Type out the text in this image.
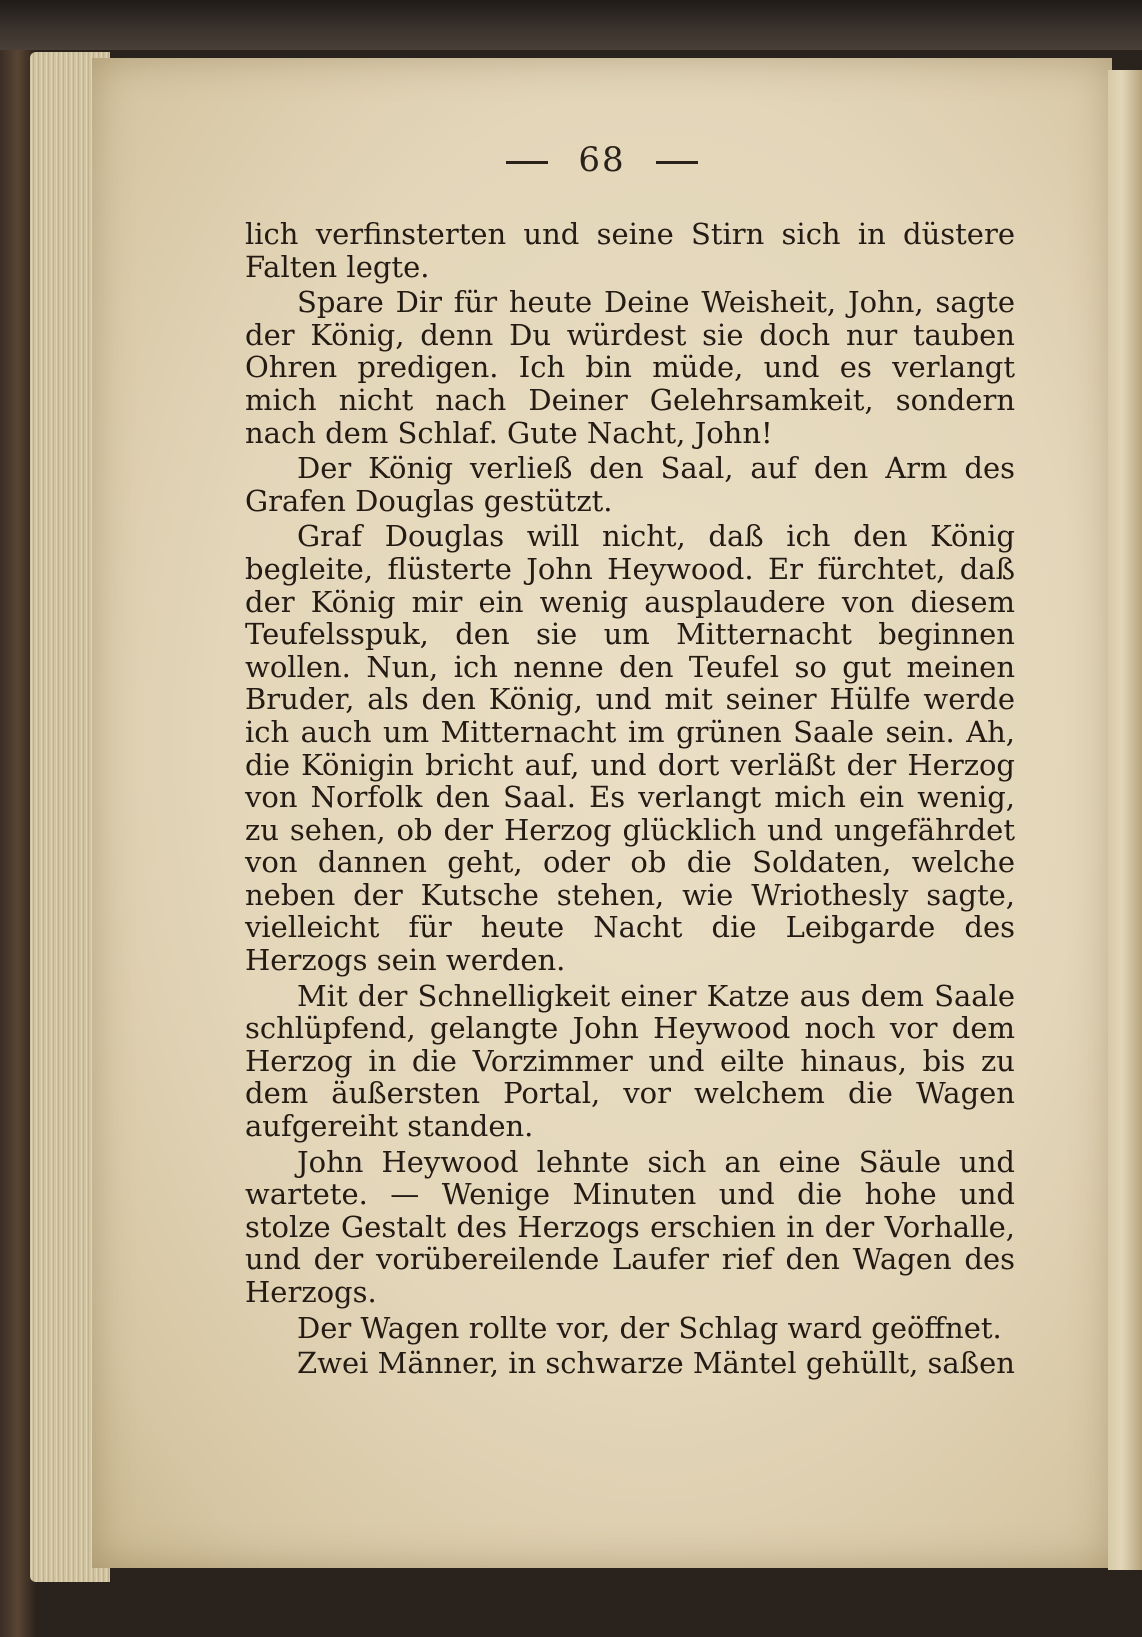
68

lich verfinsterten und seine Stirn sich in düstere Falten legte.

Spare Dir für heute Deine Weisheit, John, sagte der König, denn Du würdest sie doch nur tauben Ohren predigen. Ich bin müde, und es verlangt mich nicht nach Deiner Gelehrsamkeit, sondern nach dem Schlaf. Gute Nacht, John!

Der König verließ den Saal, auf den Arm des Grafen Douglas gestützt.

Graf Douglas will nicht, daß ich den König begleite, flüsterte John Heywood. Er fürchtet, daß der König mir ein wenig ausplaudere von diesem Teufelsspuk, den sie um Mitternacht beginnen wollen. Nun, ich nenne den Teufel so gut meinen Bruder, als den König, und mit seiner Hülfe werde ich auch um Mitternacht im grünen Saale sein. Ah, die Königin bricht auf, und dort verläßt der Herzog von Norfolk den Saal. Es verlangt mich ein wenig, zu sehen, ob der Herzog glücklich und ungefährdet von dannen geht, oder ob die Soldaten, welche neben der Kutsche stehen, wie Wriothesly sagte, vielleicht für heute Nacht die Leibgarde des Herzogs sein werden.

Mit der Schnelligkeit einer Katze aus dem Saale schlüpfend, gelangte John Heywood noch vor dem Herzog in die Vorzimmer und eilte hinaus, bis zu dem äußersten Portal, vor welchem die Wagen aufgereiht standen.

John Heywood lehnte sich an eine Säule und wartete. — Wenige Minuten und die hohe und stolze Gestalt des Herzogs erschien in der Vorhalle, und der vorübereilende Laufer rief den Wagen des Herzogs.

Der Wagen rollte vor, der Schlag ward geöffnet.

Zwei Männer, in schwarze Mäntel gehüllt, saßen
